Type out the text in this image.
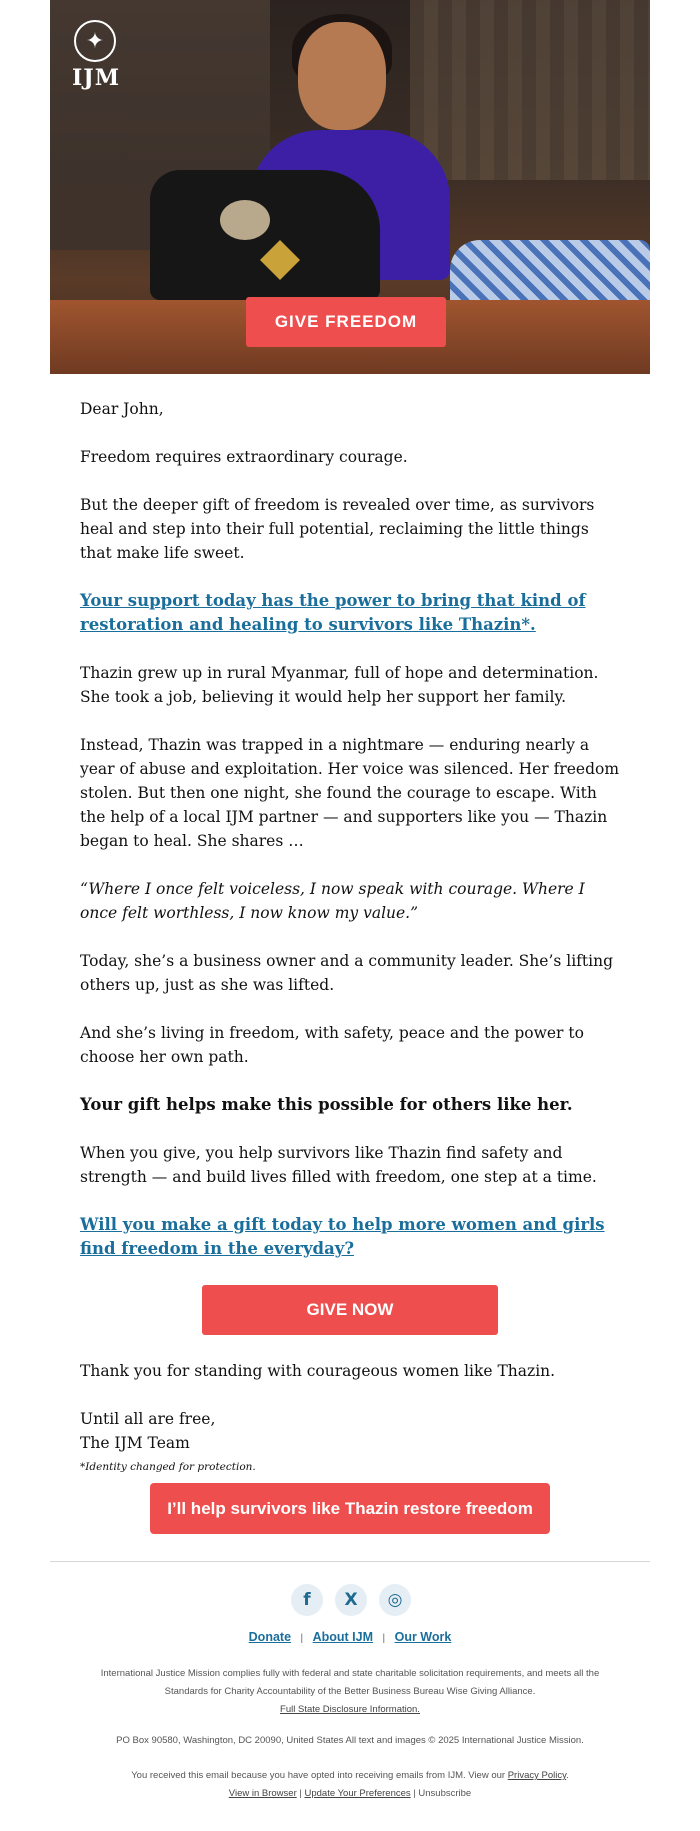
✦
IJM
GIVE FREEDOM

Dear John,

Freedom requires extraordinary courage.

But the deeper gift of freedom is revealed over time, as survivors heal and step into their full potential, reclaiming the little things that make life sweet.

Your support today has the power to bring that kind of restoration and healing to survivors like Thazin*.

Thazin grew up in rural Myanmar, full of hope and determination. She took a job, believing it would help her support her family.

Instead, Thazin was trapped in a nightmare — enduring nearly a year of abuse and exploitation. Her voice was silenced. Her freedom stolen. But then one night, she found the courage to escape. With the help of a local IJM partner — and supporters like you — Thazin began to heal. She shares …

“Where I once felt voiceless, I now speak with courage. Where I once felt worthless, I now know my value.”

Today, she’s a business owner and a community leader. She’s lifting others up, just as she was lifted.

And she’s living in freedom, with safety, peace and the power to choose her own path.

Your gift helps make this possible for others like her.

When you give, you help survivors like Thazin find safety and strength — and build lives filled with freedom, one step at a time.

Will you make a gift today to help more women and girls find freedom in the everyday?
GIVE NOW

Thank you for standing with courageous women like Thazin.

Until all are free,
The IJM Team

*Identity changed for protection.

I’ll help survivors like Thazin restore freedom
f	X	◎
Donate | About IJM | Our Work
International Justice Mission complies fully with federal and state charitable solicitation requirements, and meets all the Standards for Charity Accountability of the Better Business Bureau Wise Giving Alliance.
Full State Disclosure Information.
PO Box 90580, Washington, DC 20090, United States All text and images © 2025 International Justice Mission.
You received this email because you have opted into receiving emails from IJM. View our Privacy Policy.
View in Browser | Update Your Preferences | Unsubscribe
